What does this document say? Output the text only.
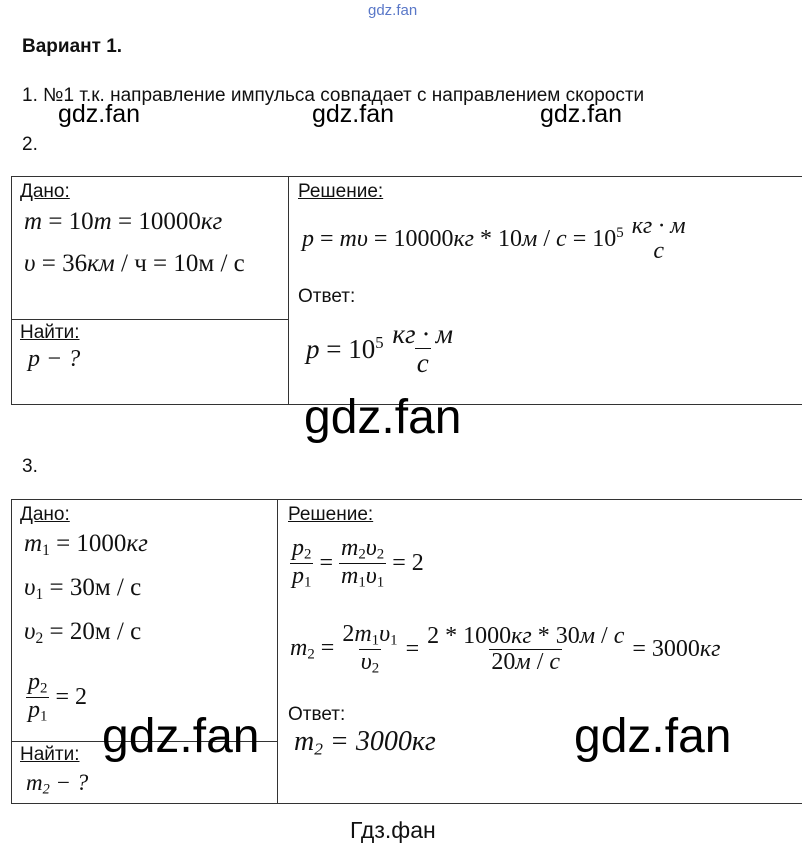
gdz.fan
Вариант 1.
1. №1 т.к. направление импульса совпадает с направлением скорости
gdz.fan	gdz.fan	gdz.fan
2.
Дано:
m = 10т = 10000кг
υ = 36км / ч = 10м / с
Найти:
p − ?
Решение:
$p = m\upsilon = 10000кг * 10м / с = 10^5$ кг · м
с
Ответ:
$p = 10^5 \frac{кг \cdot м}{с}$
gdz.fan
3.
Дано:
$m_1 = 1000кг$
$\upsilon_1 = 30м / с$
$\upsilon_2 = 20м / с$
$\frac{p_2}{p_1} = 2$
Найти:
$m_2$ − ?
Решение:
$\frac{p_2}{p_1} = \frac{m_2\upsilon_2}{m_1\upsilon_1} = 2$
$m_2 = \frac{2m_1\upsilon_1}{\upsilon_2} = \frac{2 * 1000кг * 30м / с}{20м / с} = 3000кг$
Ответ:
$m_2 = 3000кг$
gdz.fan	gdz.fan
Гдз.фан
